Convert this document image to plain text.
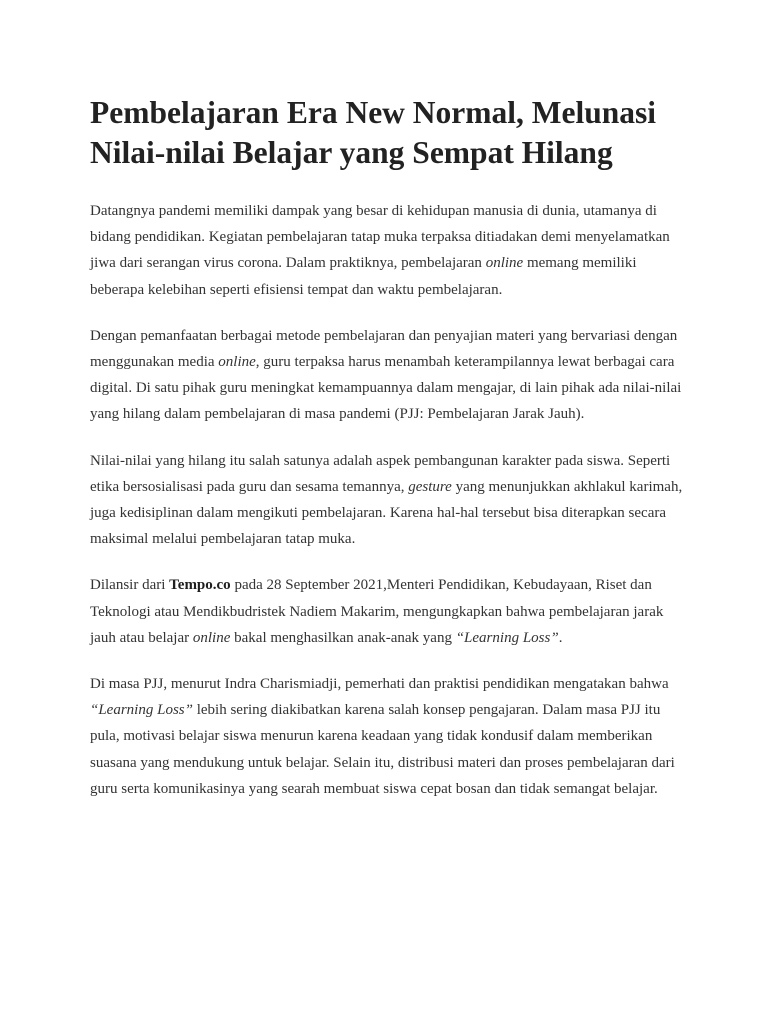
Pembelajaran Era New Normal, Melunasi Nilai-nilai Belajar yang Sempat Hilang

Datangnya pandemi memiliki dampak yang besar di kehidupan manusia di dunia, utamanya di bidang pendidikan. Kegiatan pembelajaran tatap muka terpaksa ditiadakan demi menyelamatkan jiwa dari serangan virus corona. Dalam praktiknya, pembelajaran online memang memiliki beberapa kelebihan seperti efisiensi tempat dan waktu pembelajaran.

Dengan pemanfaatan berbagai metode pembelajaran dan penyajian materi yang bervariasi dengan menggunakan media online, guru terpaksa harus menambah keterampilannya lewat berbagai cara digital. Di satu pihak guru meningkat kemampuannya dalam mengajar, di lain pihak ada nilai-nilai yang hilang dalam pembelajaran di masa pandemi (PJJ: Pembelajaran Jarak Jauh).

Nilai-nilai yang hilang itu salah satunya adalah aspek pembangunan karakter pada siswa. Seperti etika bersosialisasi pada guru dan sesama temannya, gesture yang menunjukkan akhlakul karimah, juga kedisiplinan dalam mengikuti pembelajaran. Karena hal-hal tersebut bisa diterapkan secara maksimal melalui pembelajaran tatap muka.

Dilansir dari Tempo.co pada 28 September 2021,Menteri Pendidikan, Kebudayaan, Riset dan Teknologi atau Mendikbudristek Nadiem Makarim, mengungkapkan bahwa pembelajaran jarak jauh atau belajar online bakal menghasilkan anak-anak yang “Learning Loss”.

Di masa PJJ, menurut Indra Charismiadji, pemerhati dan praktisi pendidikan mengatakan bahwa “Learning Loss” lebih sering diakibatkan karena salah konsep pengajaran. Dalam masa PJJ itu pula, motivasi belajar siswa menurun karena keadaan yang tidak kondusif dalam memberikan suasana yang mendukung untuk belajar. Selain itu, distribusi materi dan proses pembelajaran dari guru serta komunikasinya yang searah membuat siswa cepat bosan dan tidak semangat belajar.
